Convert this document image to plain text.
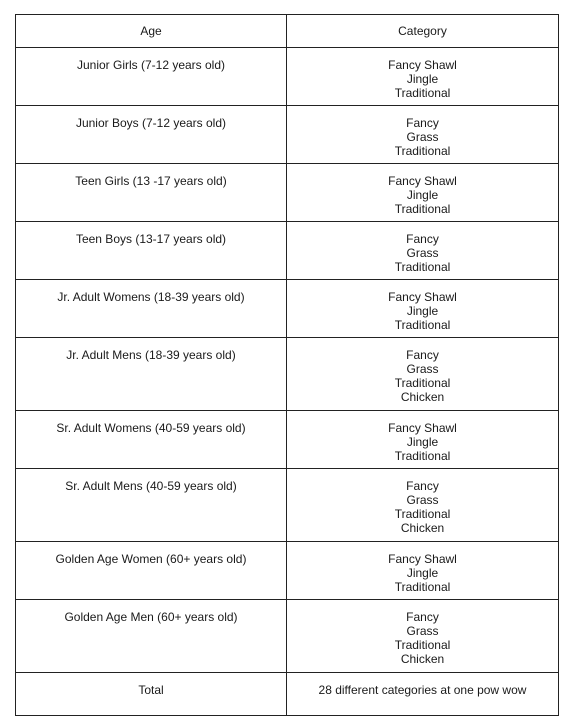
Age	Category
Junior Girls (7-12 years old)	Fancy Shawl
Jingle
Traditional

Junior Boys (7-12 years old)	Fancy
Grass
Traditional

Teen Girls (13 -17 years old)	Fancy Shawl
Jingle
Traditional

Teen Boys (13-17 years old)	Fancy
Grass
Traditional

Jr. Adult Womens (18-39 years old)	Fancy Shawl
Jingle
Traditional

Jr. Adult Mens (18-39 years old)	Fancy
Grass
Traditional
Chicken

Sr. Adult Womens (40-59 years old)	Fancy Shawl
Jingle
Traditional

Sr. Adult Mens (40-59 years old)	Fancy
Grass
Traditional
Chicken

Golden Age Women (60+ years old)	Fancy Shawl
Jingle
Traditional

Golden Age Men (60+ years old)	Fancy
Grass
Traditional
Chicken

Total	28 different categories at one pow wow
